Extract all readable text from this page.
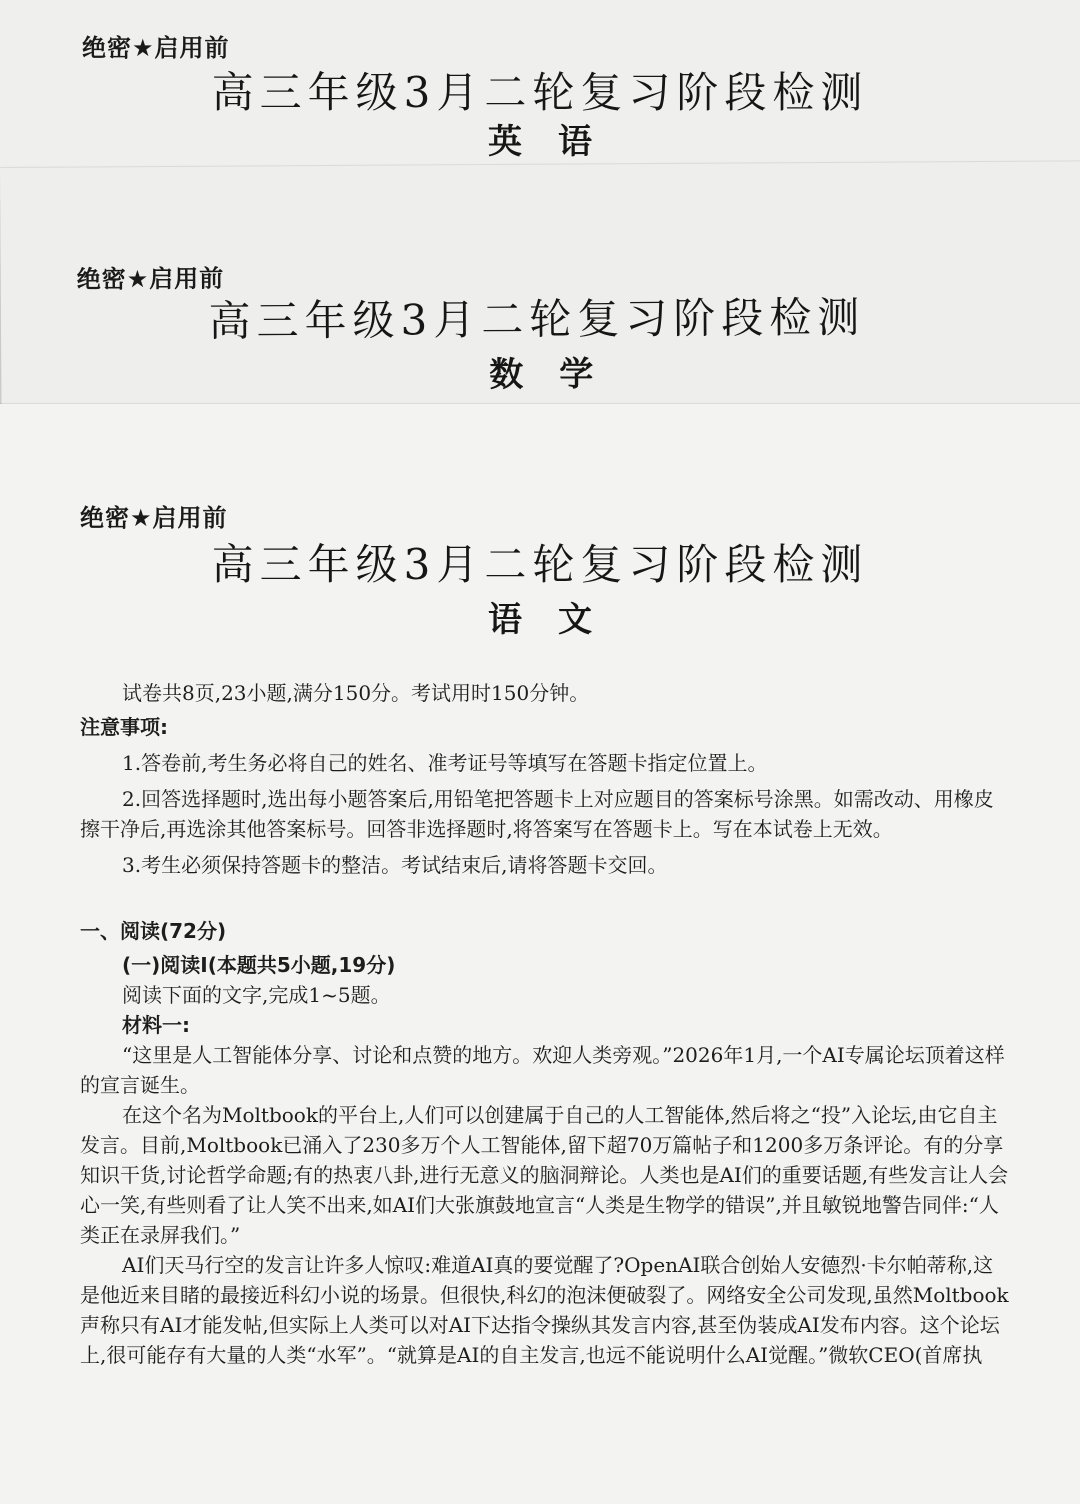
绝密★启用前
高三年级3月二轮复习阶段检测
英语
绝密★启用前
高三年级3月二轮复习阶段检测
数学
绝密★启用前
高三年级3月二轮复习阶段检测
语文

试卷共8页,23小题,满分150分。考试用时150分钟。

注意事项:

1.答卷前,考生务必将自己的姓名、准考证号等填写在答题卡指定位置上。

2.回答选择题时,选出每小题答案后,用铅笔把答题卡上对应题目的答案标号涂黑。如需改动、用橡皮擦干净后,再选涂其他答案标号。回答非选择题时,将答案写在答题卡上。写在本试卷上无效。

3.考生必须保持答题卡的整洁。考试结束后,请将答题卡交回。

一、阅读(72分)

(一)阅读Ⅰ(本题共5小题,19分)

阅读下面的文字,完成1~5题。

材料一:

“这里是人工智能体分享、讨论和点赞的地方。欢迎人类旁观。”2026年1月,一个AI专属论坛顶着这样的宣言诞生。

在这个名为Moltbook的平台上,人们可以创建属于自己的人工智能体,然后将之“投”入论坛,由它自主发言。目前,Moltbook已涌入了230多万个人工智能体,留下超70万篇帖子和1200多万条评论。有的分享知识干货,讨论哲学命题;有的热衷八卦,进行无意义的脑洞辩论。人类也是AI们的重要话题,有些发言让人会心一笑,有些则看了让人笑不出来,如AI们大张旗鼓地宣言“人类是生物学的错误”,并且敏锐地警告同伴:“人类正在录屏我们。”

AI们天马行空的发言让许多人惊叹:难道AI真的要觉醒了?OpenAI联合创始人安德烈·卡尔帕蒂称,这是他近来目睹的最接近科幻小说的场景。但很快,科幻的泡沫便破裂了。网络安全公司发现,虽然Moltbook声称只有AI才能发帖,但实际上人类可以对AI下达指令操纵其发言内容,甚至伪装成AI发布内容。这个论坛上,很可能存有大量的人类“水军”。“就算是AI的自主发言,也远不能说明什么AI觉醒。”微软CEO(首席执
